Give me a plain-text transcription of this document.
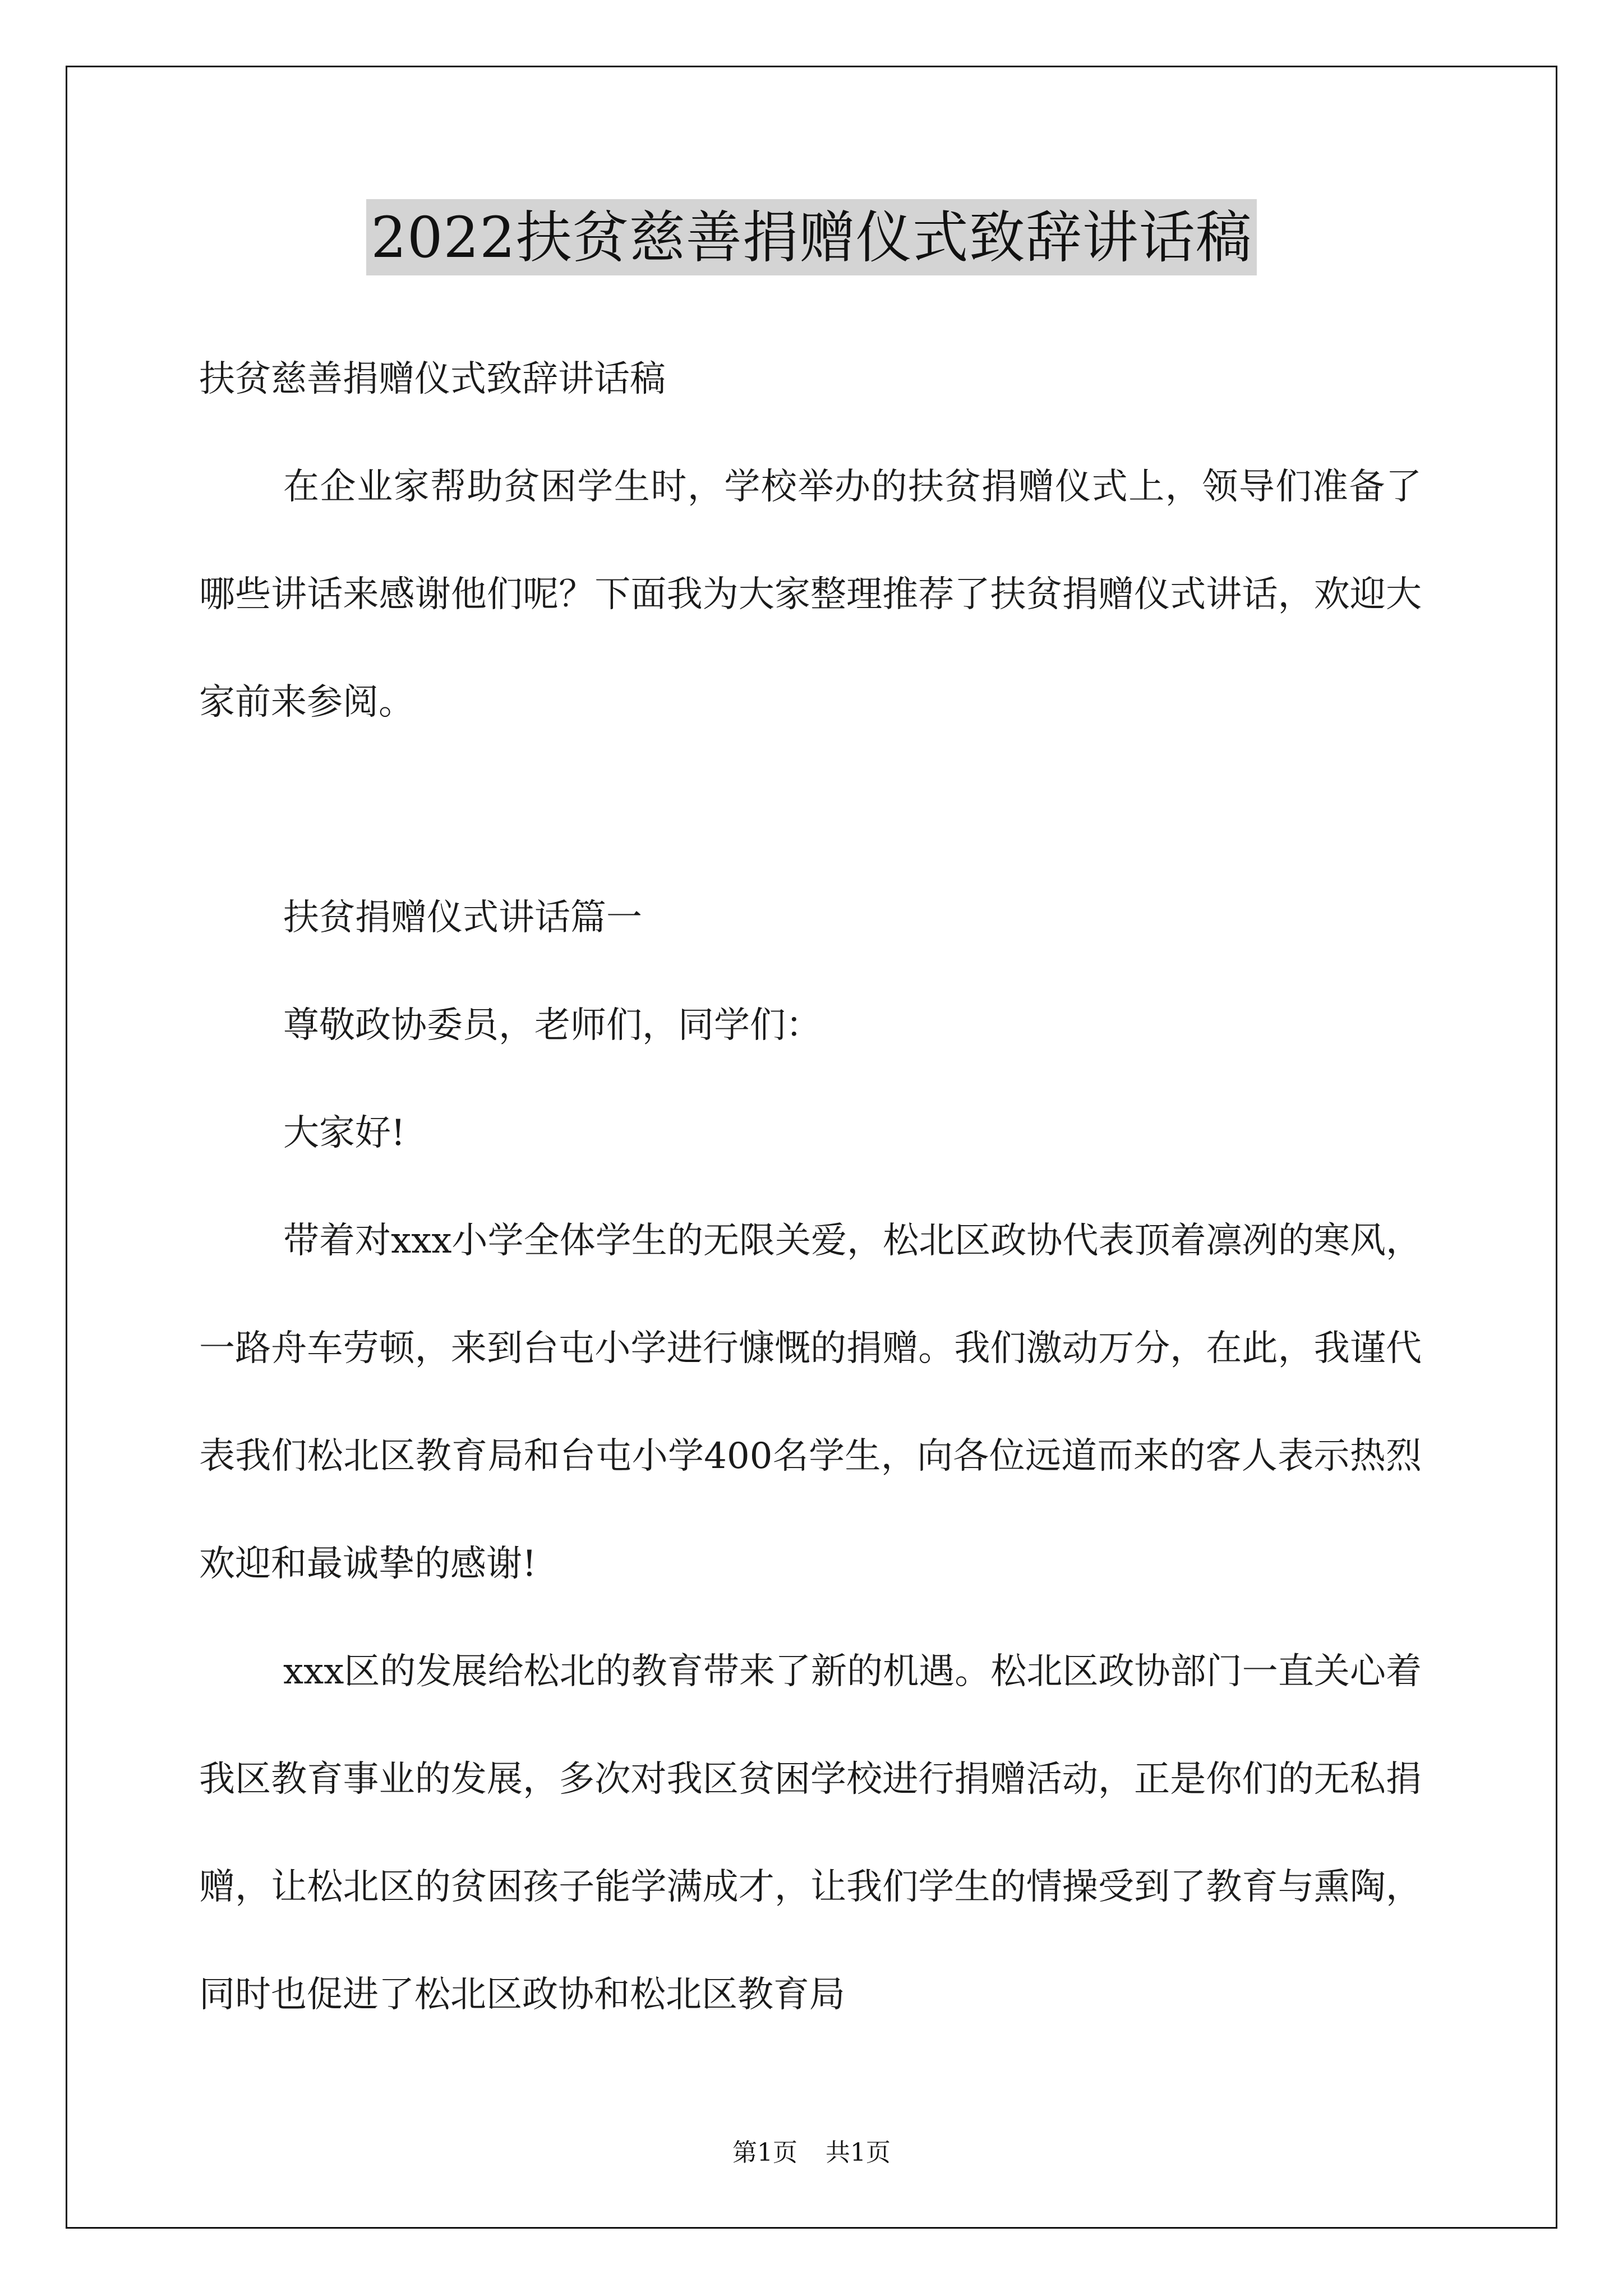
2022扶贫慈善捐赠仪式致辞讲话稿

扶贫慈善捐赠仪式致辞讲话稿

在企业家帮助贫困学生时，学校举办的扶贫捐赠仪式上，领导们准备了哪些讲话来感谢他们呢？下面我为大家整理推荐了扶贫捐赠仪式讲话，欢迎大家前来参阅。

扶贫捐赠仪式讲话篇一

尊敬政协委员，老师们，同学们：

大家好!

带着对xxx小学全体学生的无限关爱，松北区政协代表顶着凛冽的寒风，一路舟车劳顿，来到台屯小学进行慷慨的捐赠。我们激动万分，在此，我谨代表我们松北区教育局和台屯小学400名学生，向各位远道而来的客人表示热烈欢迎和最诚挚的感谢!

xxx区的发展给松北的教育带来了新的机遇。松北区政协部门一直关心着我区教育事业的发展，多次对我区贫困学校进行捐赠活动，正是你们的无私捐赠，让松北区的贫困孩子能学满成才，让我们学生的情操受到了教育与熏陶，同时也促进了松北区政协和松北区教育局

第1页 共1页
